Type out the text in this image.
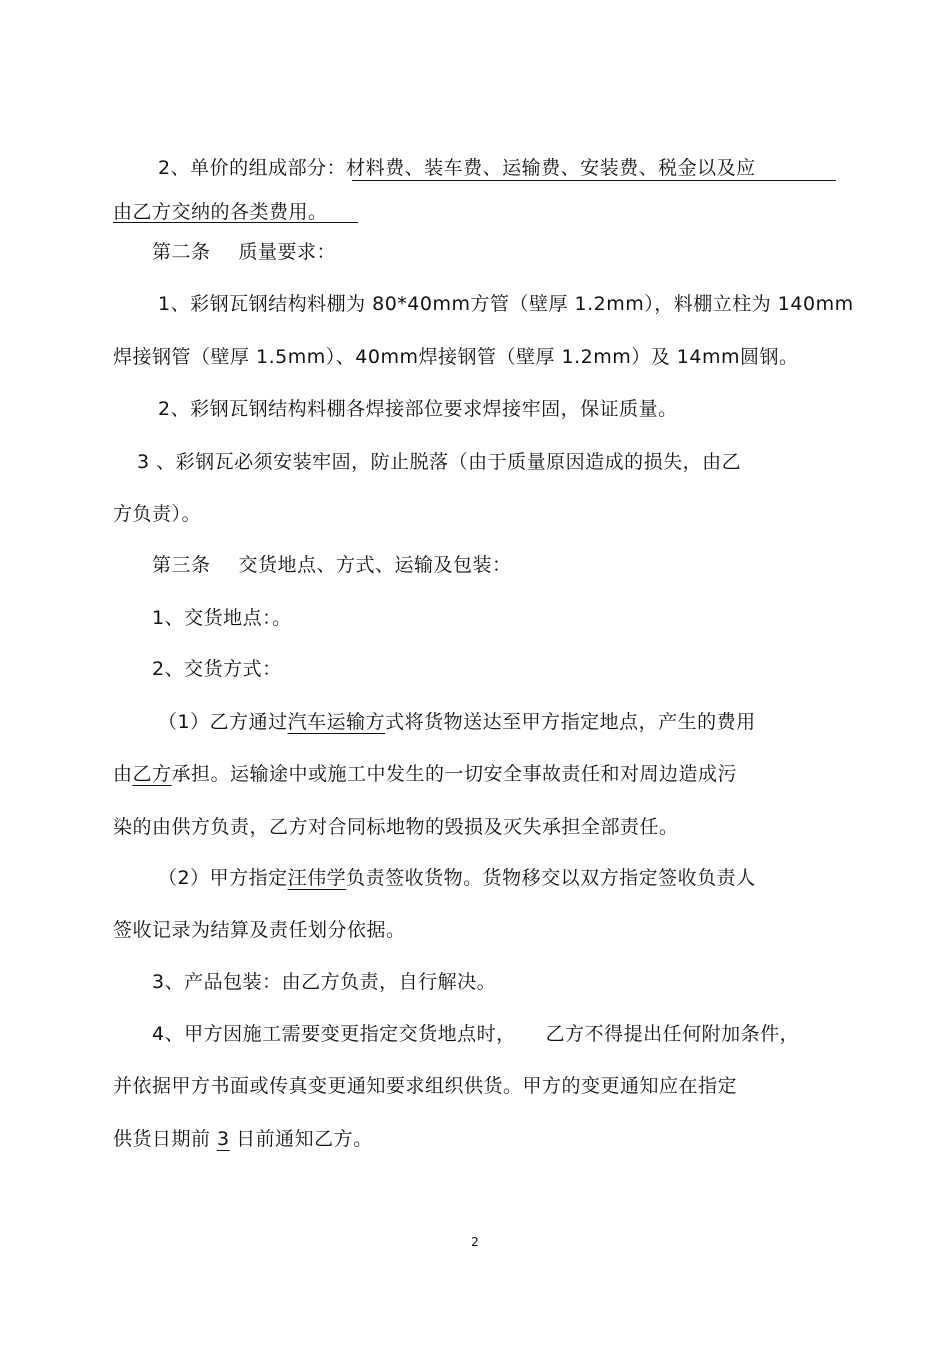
2、单价的组成部分：材料费、装车费、运输费、安装费、税金以及应
由乙方交纳的各类费用。
第二条 质量要求：
1、彩钢瓦钢结构料棚为 80*40mm方管（壁厚 1.2mm），料棚立柱为 140mm
焊接钢管（壁厚 1.5mm）、40mm焊接钢管（壁厚 1.2mm）及 14mm圆钢。
2、彩钢瓦钢结构料棚各焊接部位要求焊接牢固，保证质量。
3 、彩钢瓦必须安装牢固，防止脱落（由于质量原因造成的损失，由乙
方负责）。
第三条 交货地点、方式、运输及包装：
1、交货地点：。
2、交货方式：
（1）乙方通过汽车运输方式将货物送达至甲方指定地点，产生的费用
由乙方承担。运输途中或施工中发生的一切安全事故责任和对周边造成污
染的由供方负责，乙方对合同标地物的毁损及灭失承担全部责任。
（2）甲方指定汪伟学负责签收货物。货物移交以双方指定签收负责人
签收记录为结算及责任划分依据。
3、产品包装：由乙方负责，自行解决。
4、甲方因施工需要变更指定交货地点时， 乙方不得提出任何附加条件，
并依据甲方书面或传真变更通知要求组织供货。甲方的变更通知应在指定
供货日期前 3 日前通知乙方。
2
